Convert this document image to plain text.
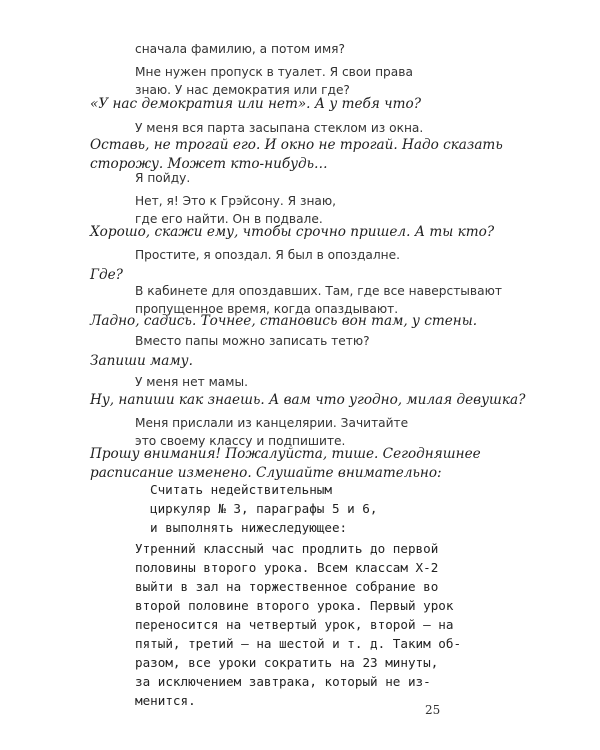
сначала фамилию, а потом имя?
Мне нужен пропуск в туалет. Я свои права
знаю. У нас демократия или где?
«У нас демократия или нет». А у тебя что?
У меня вся парта засыпана стеклом из окна.
Оставь, не трогай его. И окно не трогай. Надо сказать
сторожу. Может кто-нибудь…
Я пойду.
Нет, я! Это к Грэйсону. Я знаю,
где его найти. Он в подвале.
Хорошо, скажи ему, чтобы срочно пришел. А ты кто?
Простите, я опоздал. Я был в опоздалне.
Где?
В кабинете для опоздавших. Там, где все наверстывают
пропущенное время, когда опаздывают.
Ладно, садись. Точнее, становись вон там, у стены.
Вместо папы можно записать тетю?
Запиши маму.
У меня нет мамы.
Ну, напиши как знаешь. А вам что угодно, милая девушка?
Меня прислали из канцелярии. Зачитайте
это своему классу и подпишите.
Прошу внимания! Пожалуйста, тише. Сегодняшнее
расписание изменено. Слушайте внимательно:
Считать недействительным
циркуляр № 3, параграфы 5 и 6,
и выполнять нижеследующее:
Утренний классный час продлить до первой
половины второго урока. Всем классам Х-2
выйти в зал на торжественное собрание во
второй половине второго урока. Первый урок
переносится на четвертый урок, второй – на
пятый, третий – на шестой и т. д. Таким об-
разом, все уроки сократить на 23 минуты,
за исключением завтрака, который не из-
менится.
25
